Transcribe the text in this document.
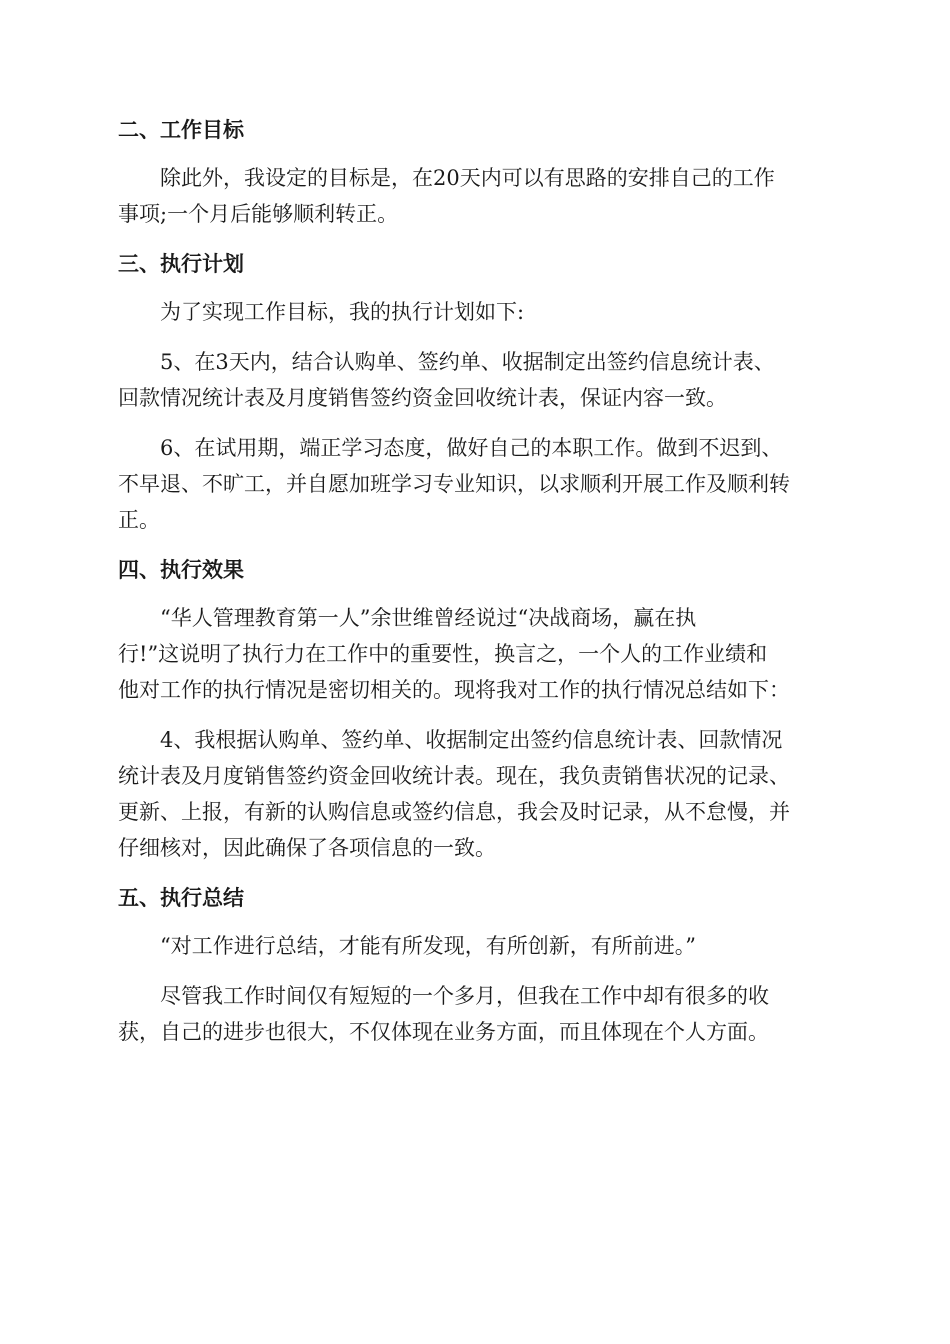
二、工作目标

除此外，我设定的目标是，在20天内可以有思路的安排自己的工作
事项;一个月后能够顺利转正。

三、执行计划

为了实现工作目标，我的执行计划如下:

5、在3天内，结合认购单、签约单、收据制定出签约信息统计表、
回款情况统计表及月度销售签约资金回收统计表，保证内容一致。

6、在试用期，端正学习态度，做好自己的本职工作。做到不迟到、
不早退、不旷工，并自愿加班学习专业知识，以求顺利开展工作及顺利转
正。

四、执行效果

“华人管理教育第一人”余世维曾经说过“决战商场，赢在执
行!”这说明了执行力在工作中的重要性，换言之，一个人的工作业绩和
他对工作的执行情况是密切相关的。现将我对工作的执行情况总结如下：

4、我根据认购单、签约单、收据制定出签约信息统计表、回款情况
统计表及月度销售签约资金回收统计表。现在，我负责销售状况的记录、
更新、上报，有新的认购信息或签约信息，我会及时记录，从不怠慢，并
仔细核对，因此确保了各项信息的一致。

五、执行总结

“对工作进行总结，才能有所发现，有所创新，有所前进。”

尽管我工作时间仅有短短的一个多月，但我在工作中却有很多的收
获，自己的进步也很大，不仅体现在业务方面，而且体现在个人方面。
